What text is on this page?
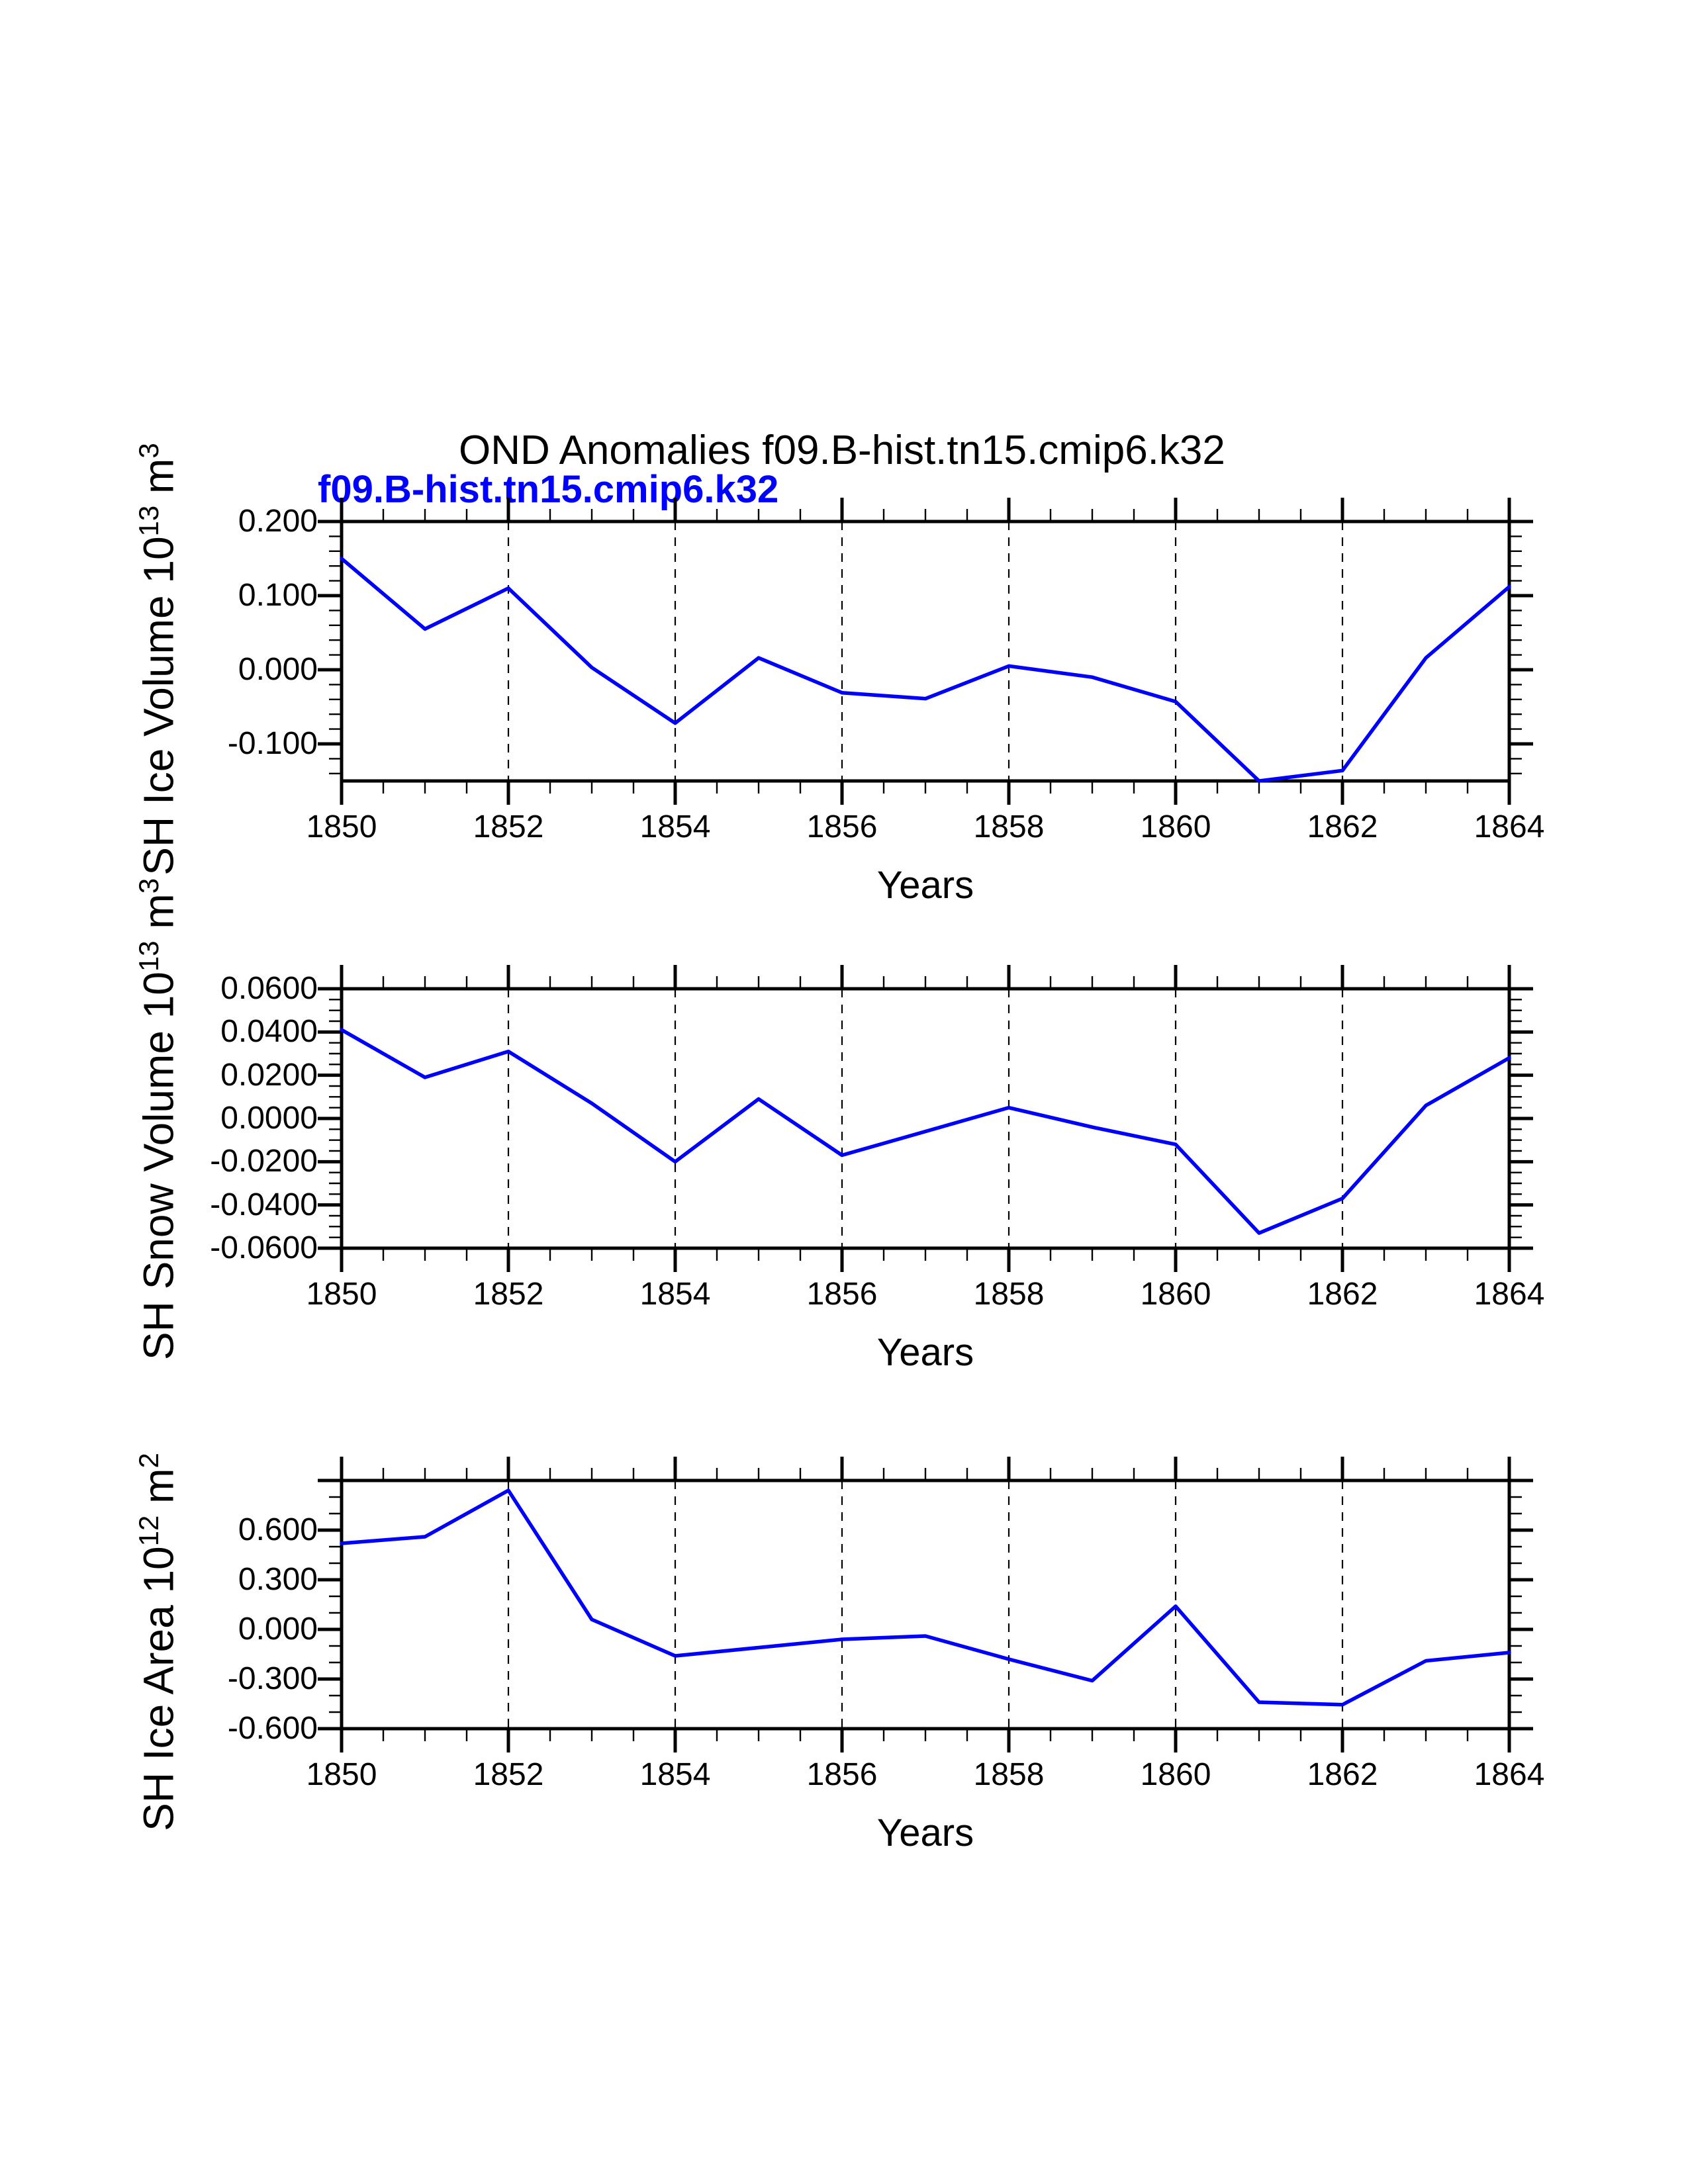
OND Anomalies f09.B-hist.tn15.cmip6.k32
f09.B-hist.tn15.cmip6.k32
SH Ice Volume $10^{13}$ $m^3$
0.200
0.100
0.000
-0.100
1850	1852	1854	1856	1858	1860	1862	1864
Years
SH Snow Volume $10^{13}$ $m^3$
0.0600
0.0400
0.0200
0.0000
-0.0200
-0.0400
-0.0600
1850	1852	1854	1856	1858	1860	1862	1864
Years
SH Ice Area $10^{12}$ $m^2$
0.600
0.300
0.000
-0.300
-0.600
1850	1852	1854	1856	1858	1860	1862	1864
Years
